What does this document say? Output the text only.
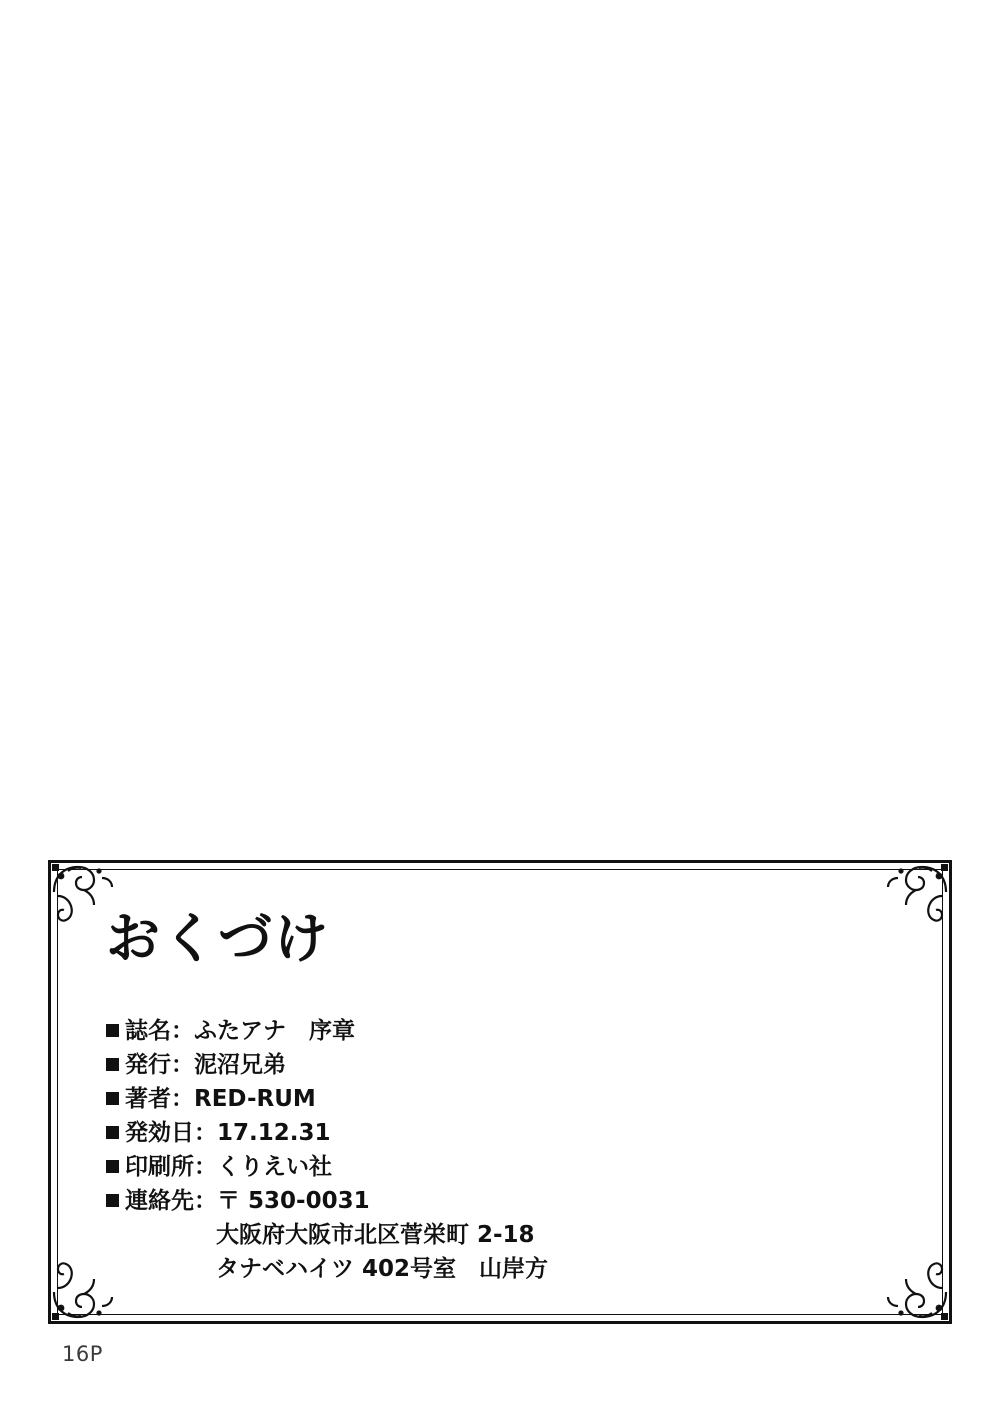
おくづけ
誌名：ふたアナ　序章
発行：泥沼兄弟
著者：RED-RUM
発効日：17.12.31
印刷所：くりえい社
連絡先：〒 530-0031
大阪府大阪市北区菅栄町 2-18
タナベハイツ 402号室　山岸方
16P
